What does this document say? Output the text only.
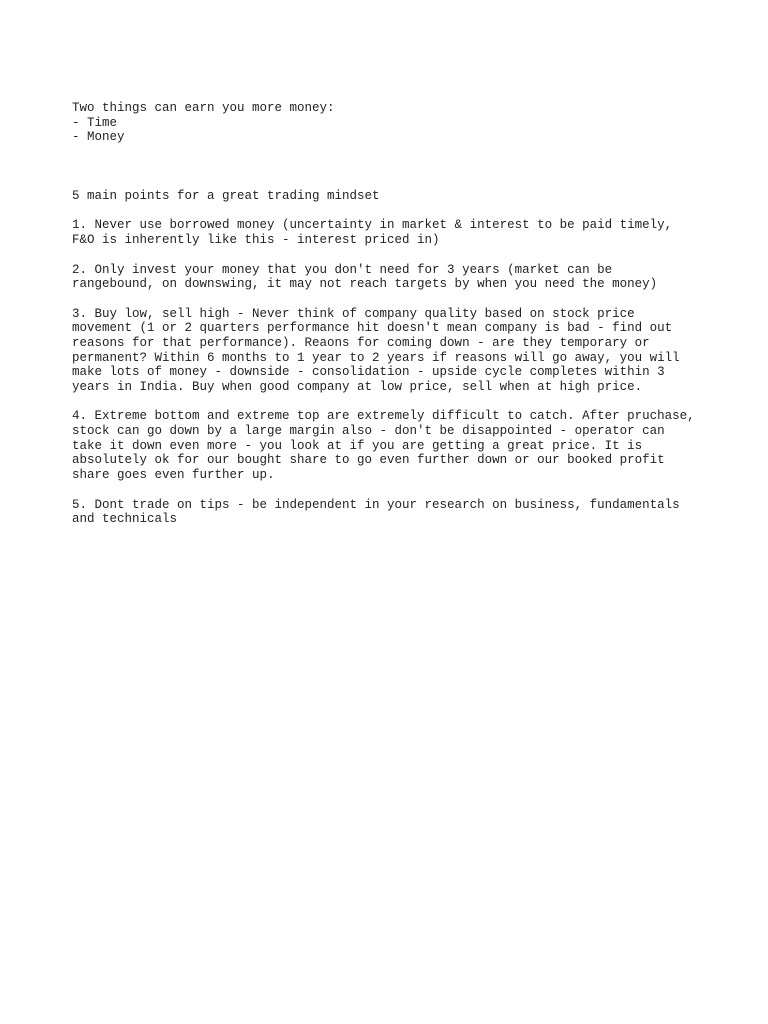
Two things can earn you more money:
- Time
- Money
5 main points for a great trading mindset
1. Never use borrowed money (uncertainty in market & interest to be paid timely,
F&O is inherently like this - interest priced in)
2. Only invest your money that you don't need for 3 years (market can be
rangebound, on downswing, it may not reach targets by when you need the money)
3. Buy low, sell high - Never think of company quality based on stock price
movement (1 or 2 quarters performance hit doesn't mean company is bad - find out
reasons for that performance). Reaons for coming down - are they temporary or
permanent? Within 6 months to 1 year to 2 years if reasons will go away, you will
make lots of money - downside - consolidation - upside cycle completes within 3
years in India. Buy when good company at low price, sell when at high price.
4. Extreme bottom and extreme top are extremely difficult to catch. After pruchase,
stock can go down by a large margin also - don't be disappointed - operator can
take it down even more - you look at if you are getting a great price. It is
absolutely ok for our bought share to go even further down or our booked profit
share goes even further up.
5. Dont trade on tips - be independent in your research on business, fundamentals
and technicals
